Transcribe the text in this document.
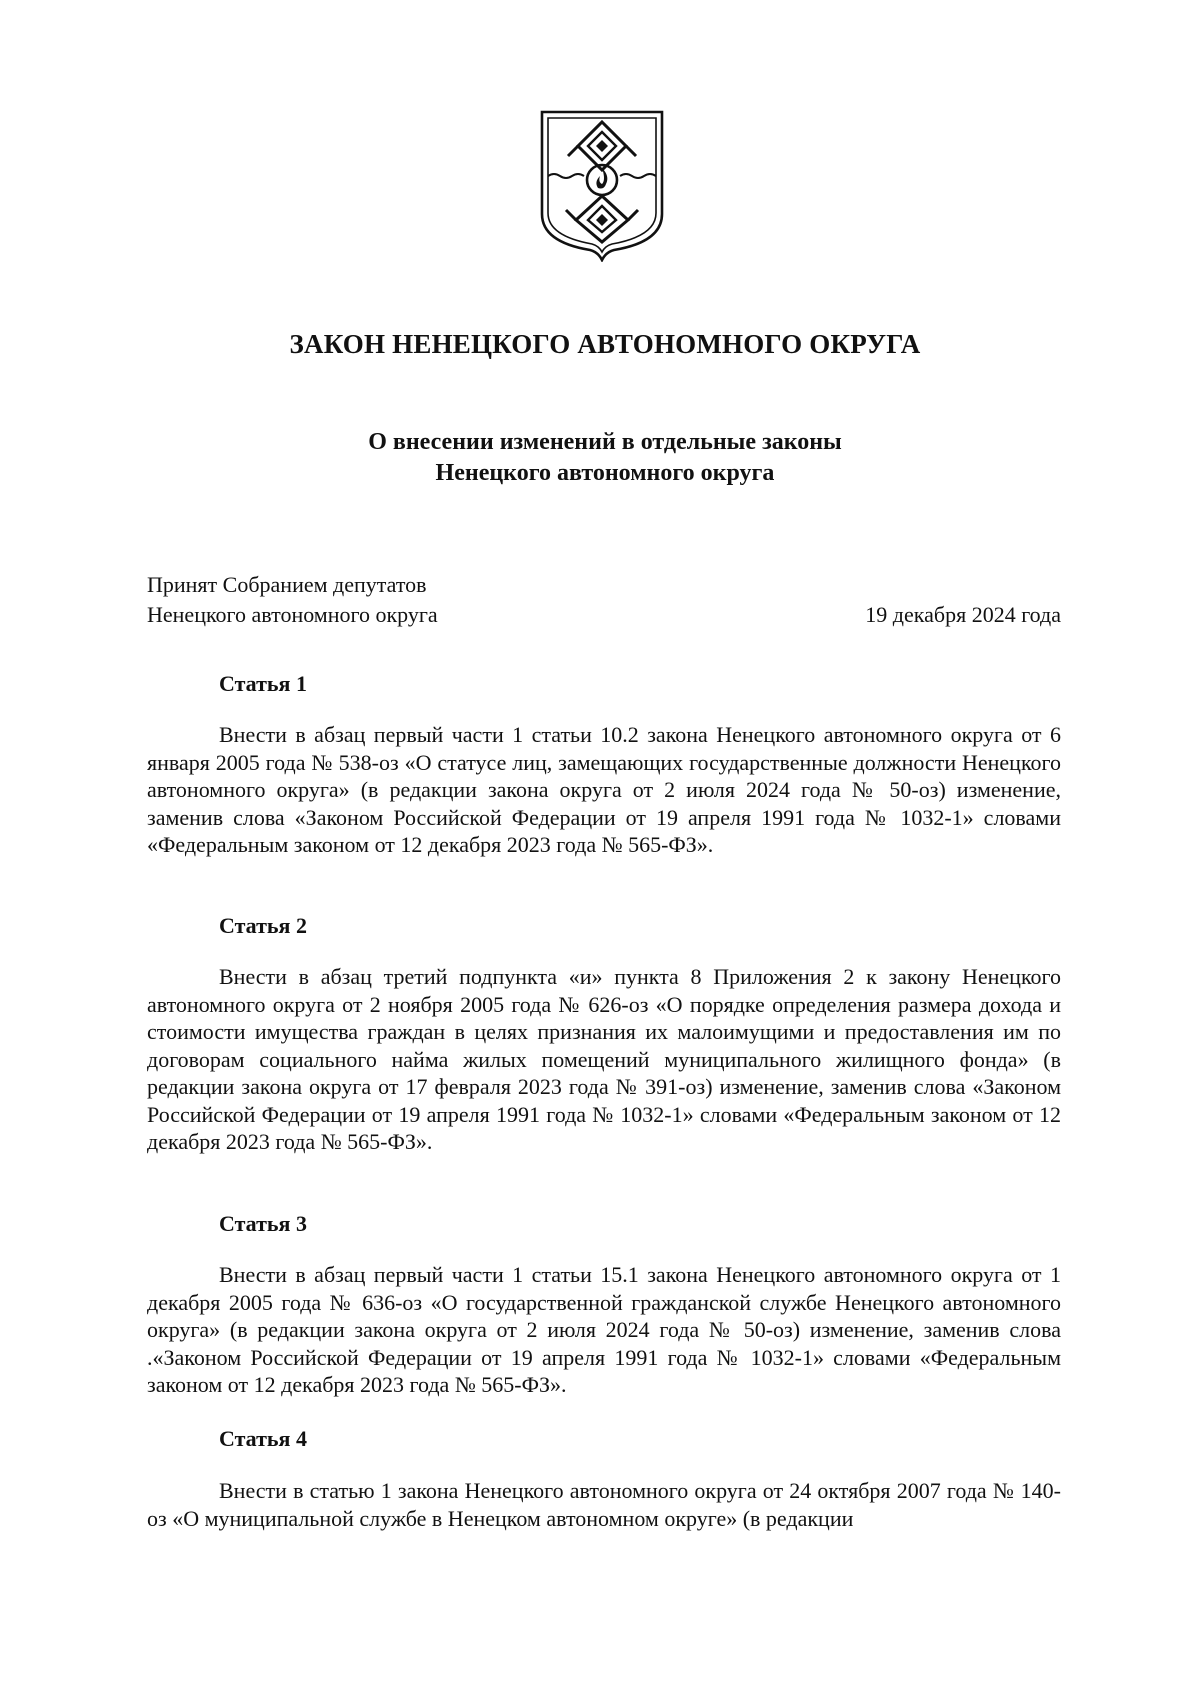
ЗАКОН НЕНЕЦКОГО АВТОНОМНОГО ОКРУГА
О внесении изменений в отдельные законы
Ненецкого автономного округа
Принят Собранием депутатов
Ненецкого автономного округа	19 декабря 2024 года
Статья 1
Внести в абзац первый части 1 статьи 10.2 закона Ненецкого автономного округа от 6 января 2005 года № 538-оз «О статусе лиц, замещающих государственные должности Ненецкого автономного округа» (в редакции закона округа от 2 июля 2024 года № 50-оз) изменение, заменив слова «Законом Российской Федерации от 19 апреля 1991 года № 1032-1» словами «Федеральным законом от 12 декабря 2023 года № 565-ФЗ».
Статья 2
Внести в абзац третий подпункта «и» пункта 8 Приложения 2 к закону Ненецкого автономного округа от 2 ноября 2005 года № 626-оз «О порядке определения размера дохода и стоимости имущества граждан в целях признания их малоимущими и предоставления им по договорам социального найма жилых помещений муниципального жилищного фонда» (в редакции закона округа от 17 февраля 2023 года № 391-оз) изменение, заменив слова «Законом Российской Федерации от 19 апреля 1991 года № 1032-1» словами «Федеральным законом от 12 декабря 2023 года № 565-ФЗ».
Статья 3
Внести в абзац первый части 1 статьи 15.1 закона Ненецкого автономного округа от 1 декабря 2005 года № 636-оз «О государственной гражданской службе Ненецкого автономного округа» (в редакции закона округа от 2 июля 2024 года № 50-оз) изменение, заменив слова .«Законом Российской Федерации от 19 апреля 1991 года № 1032-1» словами «Федеральным законом от 12 декабря 2023 года № 565-ФЗ».
Статья 4
Внести в статью 1 закона Ненецкого автономного округа от 24 октября 2007 года № 140-оз «О муниципальной службе в Ненецком автономном округе» (в редакции
